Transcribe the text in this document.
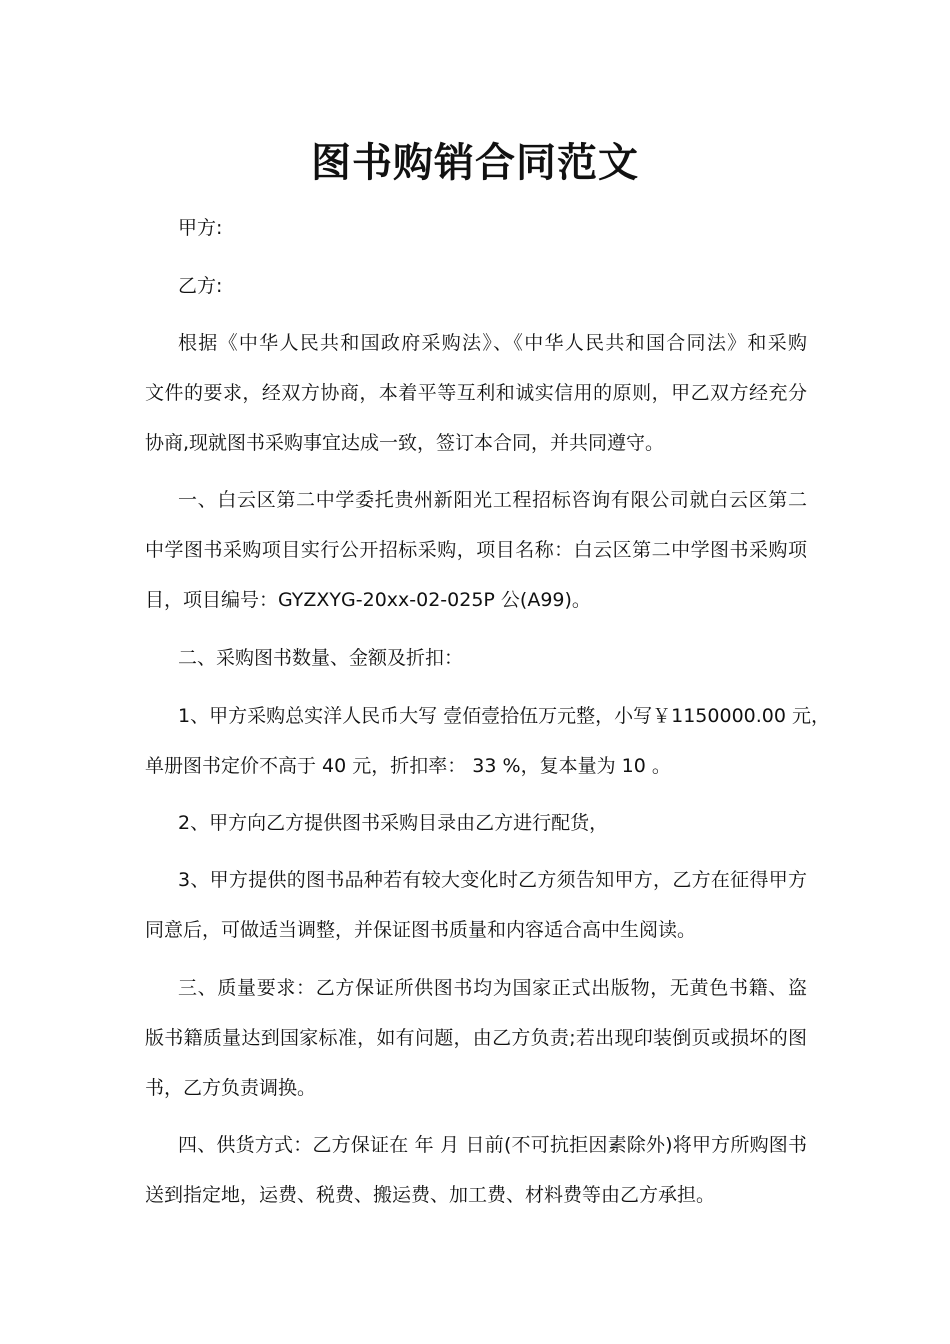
图书购销合同范文
甲方:
乙方:
根据《中华人民共和国政府采购法》、《中华人民共和国合同法》和采购
文件的要求，经双方协商，本着平等互利和诚实信用的原则，甲乙双方经充分
协商,现就图书采购事宜达成一致，签订本合同，并共同遵守。
一、白云区第二中学委托贵州新阳光工程招标咨询有限公司就白云区第二
中学图书采购项目实行公开招标采购，项目名称：白云区第二中学图书采购项
目，项目编号：GYZXYG-20xx-02-025P 公(A99)。
二、采购图书数量、金额及折扣：
1、甲方采购总实洋人民币大写 壹佰壹拾伍万元整，小写￥1150000.00 元，
单册图书定价不高于 40 元，折扣率： 33 %，复本量为 10 。
2、甲方向乙方提供图书采购目录由乙方进行配货，
3、甲方提供的图书品种若有较大变化时乙方须告知甲方，乙方在征得甲方
同意后，可做适当调整，并保证图书质量和内容适合高中生阅读。
三、质量要求：乙方保证所供图书均为国家正式出版物，无黄色书籍、盗
版书籍质量达到国家标准，如有问题，由乙方负责;若出现印装倒页或损坏的图
书，乙方负责调换。
四、供货方式：乙方保证在 年 月 日前(不可抗拒因素除外)将甲方所购图书
送到指定地，运费、税费、搬运费、加工费、材料费等由乙方承担。
